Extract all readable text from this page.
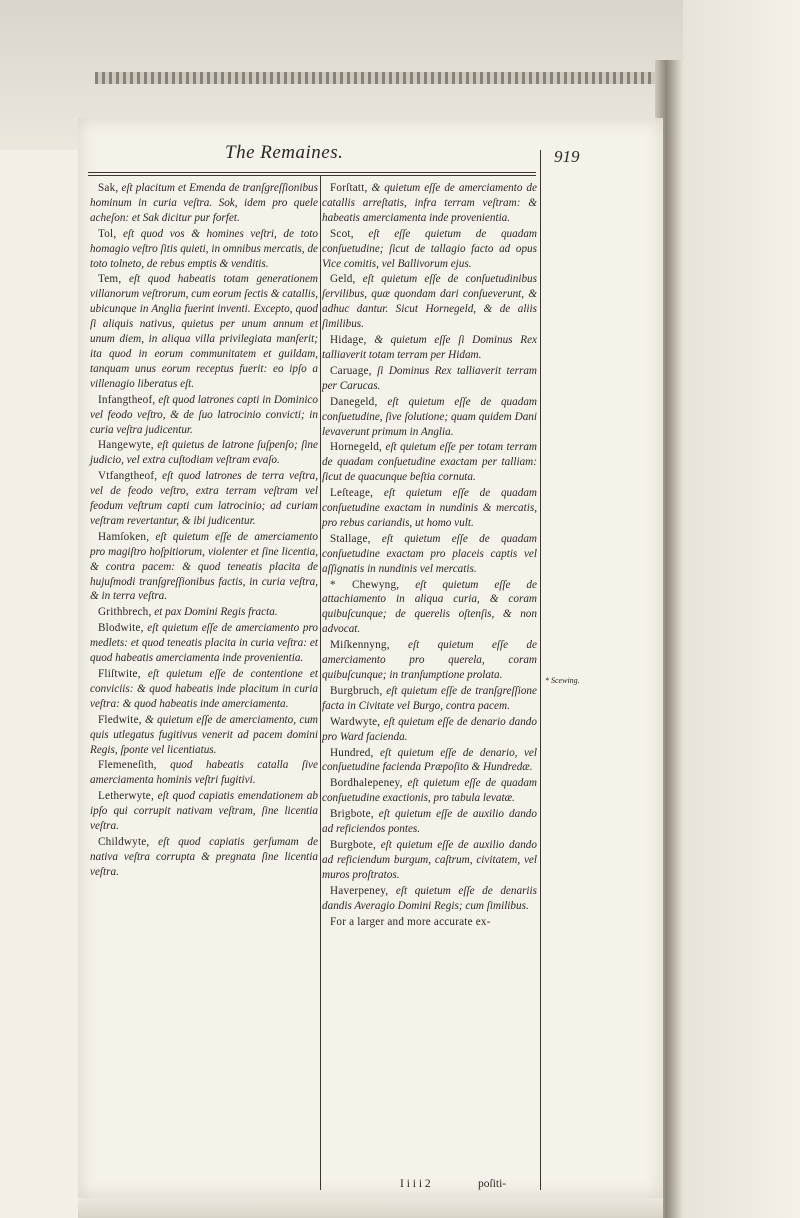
The Remaines.	919

Sak, eſt placitum et Emenda de tranſgreſſionibus hominum in curia veſtra. Sok, idem pro quele acheſon: et Sak dicitur pur forfet.

Tol, eſt quod vos & homines veſtri, de toto homagio veſtro ſitis quieti, in omnibus mercatis, de toto tolneto, de rebus emptis & venditis.

Tem, eſt quod habeatis totam generationem villanorum veſtrorum, cum eorum ſectis & catallis, ubicunque in Anglia fuerint inventi. Excepto, quod ſi aliquis nativus, quietus per unum annum et unum diem, in aliqua villa privilegiata manſerit; ita quod in eorum communitatem et guildam, tanquam unus eorum receptus fuerit: eo ipſo a villenagio liberatus eſt.

Infangtheof, eſt quod latrones capti in Dominico vel feodo veſtro, & de ſuo latrocinio convicti; in curia veſtra judicentur.

Hangewyte, eſt quietus de latrone ſuſpenſo; ſine judicio, vel extra cuſtodiam veſtram evaſo.

Vtfangtheof, eſt quod latrones de terra veſtra, vel de feodo veſtro, extra terram veſtram vel feodum veſtrum capti cum latrocinio; ad curiam veſtram revertantur, & ibi judicentur.

Hamſoken, eſt quietum eſſe de amerciamento pro magiſtro hoſpitiorum, violenter et ſine licentia, & contra pacem: & quod teneatis placita de hujuſmodi tranſgreſſionibus factis, in curia veſtra, & in terra veſtra.

Grithbrech, et pax Domini Regis fracta.

Blodwite, eſt quietum eſſe de amerciamento pro medlets: et quod teneatis placita in curia veſtra: et quod habeatis amerciamenta inde provenientia.

Fliſtwite, eſt quietum eſſe de contentione et conviciis: & quod habeatis inde placitum in curia veſtra: & quod habeatis inde amerciamenta.

Fledwite, & quietum eſſe de amerciamento, cum quis utlegatus fugitivus venerit ad pacem domini Regis, ſponte vel licentiatus.

Flemeneſith, quod habeatis catalla ſive amerciamenta hominis veſtri fugitivi.

Letherwyte, eſt quod capiatis emendationem ab ipſo qui corrupit nativam veſtram, ſine licentia veſtra.

Childwyte, eſt quod capiatis gerſumam de nativa veſtra corrupta & pregnata ſine licentia veſtra.

Forſtatt, & quietum eſſe de amerciamento de catallis arreſtatis, infra terram veſtram: & habeatis amerciamenta inde provenientia.

Scot, eſt eſſe quietum de quadam conſuetudine; ſicut de tallagio facto ad opus Vice comitis, vel Ballivorum ejus.

Geld, eſt quietum eſſe de conſuetudinibus ſervilibus, quæ quondam dari conſueverunt, & adhuc dantur. Sicut Hornegeld, & de aliis ſimilibus.

Hidage, & quietum eſſe ſi Dominus Rex talliaverit totam terram per Hidam.

Caruage, ſi Dominus Rex talliaverit terram per Carucas.

Danegeld, eſt quietum eſſe de quadam conſuetudine, ſive ſolutione; quam quidem Dani levaverunt primum in Anglia.

Hornegeld, eſt quietum eſſe per totam terram de quadam conſuetudine exactam per talliam: ſicut de quacunque beſtia cornuta.

Leſteage, eſt quietum eſſe de quadam conſuetudine exactam in nundinis & mercatis, pro rebus cariandis, ut homo vult.

Stallage, eſt quietum eſſe de quadam conſuetudine exactam pro placeis captis vel aſſignatis in nundinis vel mercatis.

* Chewyng, eſt quietum eſſe de attachiamento in aliqua curia, & coram quibuſcunque; de querelis oſtenſis, & non advocat.

Miſkennyng, eſt quietum eſſe de amerciamento pro querela, coram quibuſcunque; in tranſumptione prolata.

Burgbruch, eſt quietum eſſe de tranſgreſſione facta in Civitate vel Burgo, contra pacem.

Wardwyte, eſt quietum eſſe de denario dando pro Ward facienda.

Hundred, eſt quietum eſſe de denario, vel conſuetudine facienda Præpoſito & Hundredæ.

Bordhalepeney, eſt quietum eſſe de quadam conſuetudine exactionis, pro tabula levatæ.

Brigbote, eſt quietum eſſe de auxilio dando ad reficiendos pontes.

Burgbote, eſt quietum eſſe de auxilio dando ad reficiendum burgum, caſtrum, civitatem, vel muros proſtratos.

Haverpeney, eſt quietum eſſe de denariis dandis Averagio Domini Regis; cum ſimilibus.

For a larger and more accurate ex-

* Scewing.
I i i i 2	poſiti-
